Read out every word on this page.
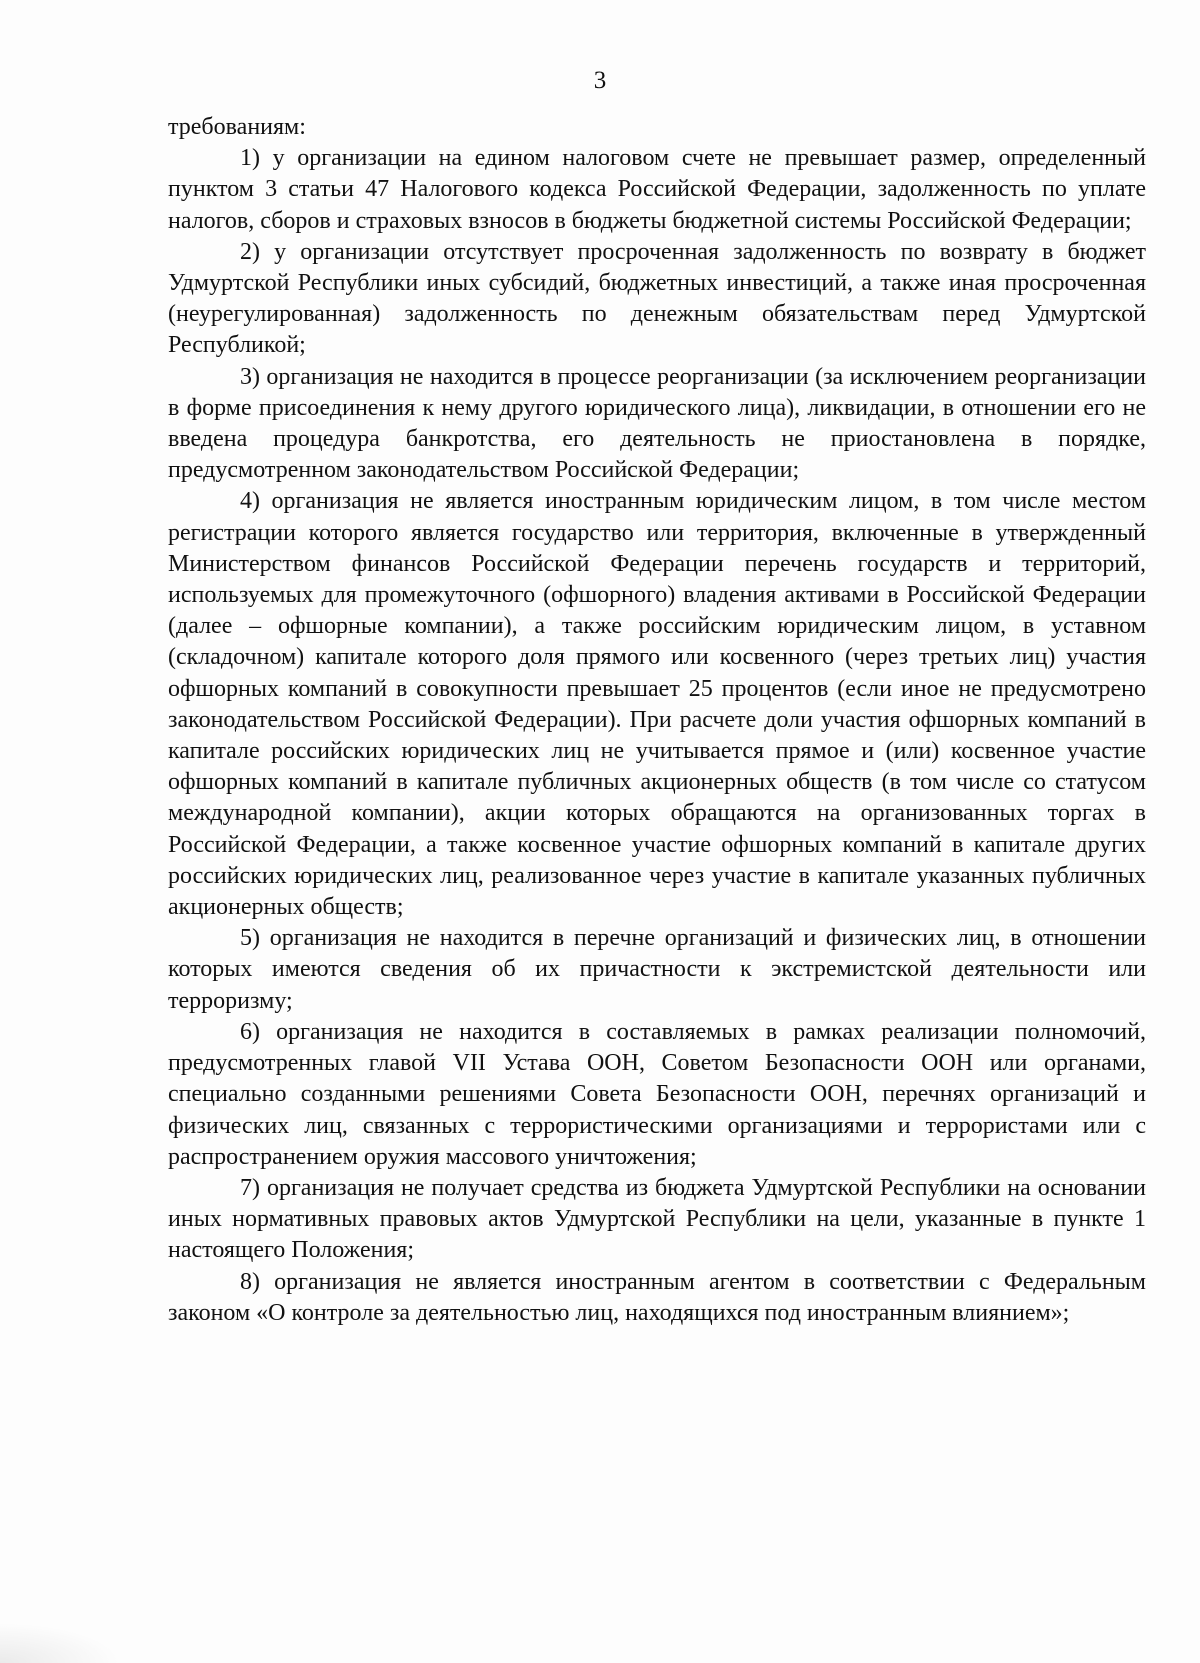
3

требованиям:

1) у организации на едином налоговом счете не превышает размер, определенный пунктом 3 статьи 47 Налогового кодекса Российской Федерации, задолженность по уплате налогов, сборов и страховых взносов в бюджеты бюджетной системы Российской Федерации;

2) у организации отсутствует просроченная задолженность по возврату в бюджет Удмуртской Республики иных субсидий, бюджетных инвестиций, а также иная просроченная (неурегулированная) задолженность по денежным обязательствам перед Удмуртской Республикой;

3) организация не находится в процессе реорганизации (за исключением реорганизации в форме присоединения к нему другого юридического лица), ликвидации, в отношении его не введена процедура банкротства, его деятельность не приостановлена в порядке, предусмотренном законодательством Российской Федерации;

4) организация не является иностранным юридическим лицом, в том числе местом регистрации которого является государство или территория, включенные в утвержденный Министерством финансов Российской Федерации перечень государств и территорий, используемых для промежуточного (офшорного) владения активами в Российской Федерации (далее – офшорные компании), а также российским юридическим лицом, в уставном (складочном) капитале которого доля прямого или косвенного (через третьих лиц) участия офшорных компаний в совокупности превышает 25 процентов (если иное не предусмотрено законодательством Российской Федерации). При расчете доли участия офшорных компаний в капитале российских юридических лиц не учитывается прямое и (или) косвенное участие офшорных компаний в капитале публичных акционерных обществ (в том числе со статусом международной компании), акции которых обращаются на организованных торгах в Российской Федерации, а также косвенное участие офшорных компаний в капитале других российских юридических лиц, реализованное через участие в капитале указанных публичных акционерных обществ;

5) организация не находится в перечне организаций и физических лиц, в отношении которых имеются сведения об их причастности к экстремистской деятельности или терроризму;

6) организация не находится в составляемых в рамках реализации полномочий, предусмотренных главой VII Устава ООН, Советом Безопасности ООН или органами, специально созданными решениями Совета Безопасности ООН, перечнях организаций и физических лиц, связанных с террористическими организациями и террористами или с распространением оружия массового уничтожения;

7) организация не получает средства из бюджета Удмуртской Республики на основании иных нормативных правовых актов Удмуртской Республики на цели, указанные в пункте 1 настоящего Положения;

8) организация не является иностранным агентом в соответствии с Федеральным законом «О контроле за деятельностью лиц, находящихся под иностранным влиянием»;
